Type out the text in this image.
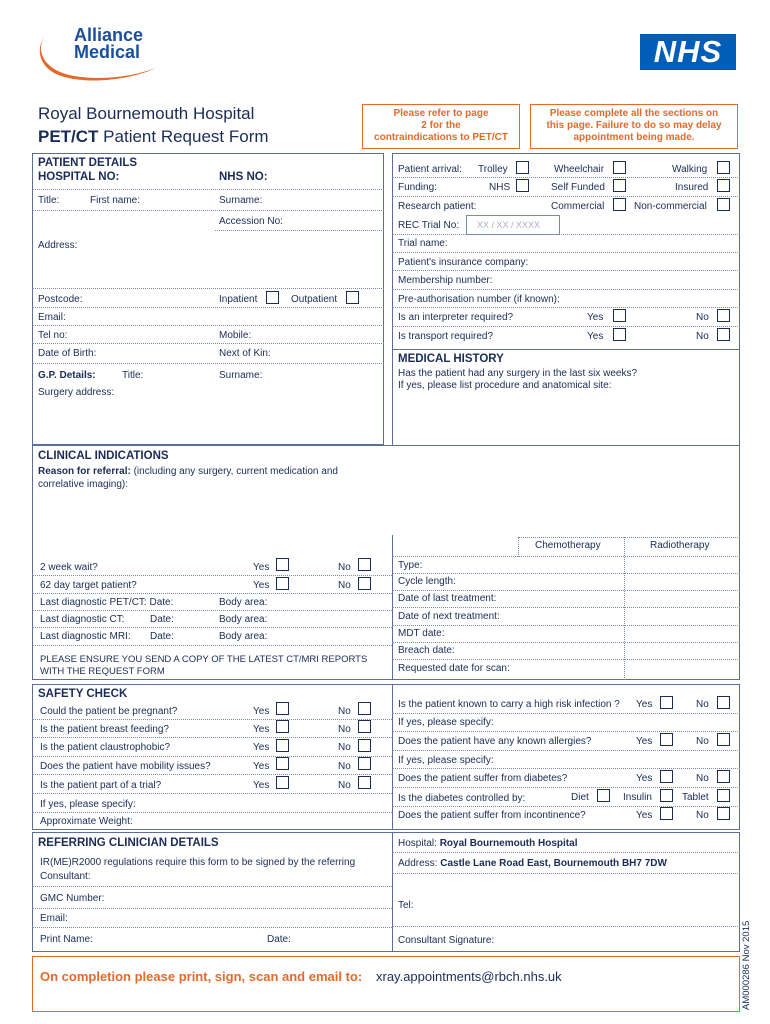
Alliance
Medical	NHS
Royal Bournemouth Hospital
PET/CT Patient Request Form
Please refer to page
2 for the
contraindications to PET/CT
Please complete all the sections on
this page. Failure to do so may delay
appointment being made.
PATIENT DETAILS
HOSPITAL NO:	NHS NO:
Title:	First name:	Surname:
Accession No:
Address:
Postcode:	Inpatient	Outpatient
Email:
Tel no:	Mobile:
Date of Birth:	Next of Kin:
G.P. Details:	Title:	Surname:
Surgery address:
Patient arrival: Trolley	Wheelchair	Walking
Funding:	NHS	Self Funded	Insured
Research patient:	Commercial	Non-commercial
REC Trial No:	XX / XX / XXXX
Trial name:
Patient's insurance company:
Membership number:
Pre-authorisation number (if known):
Is an interpreter required?	Yes	No
Is transport required?	Yes	No
MEDICAL HISTORY
Has the patient had any surgery in the last six weeks?
If yes, please list procedure and anatomical site:
CLINICAL INDICATIONS
Reason for referral: (including any surgery, current medication and
correlative imaging):
Chemotherapy	Radiotherapy
2 week wait?	Yes	No
62 day target patient?	Yes	No
Last diagnostic PET/CT: Date:	Body area:
Last diagnostic CT:	Date:	Body area:
Last diagnostic MRI: Date:	Body area:
PLEASE ENSURE YOU SEND A COPY OF THE LATEST CT/MRI REPORTS
WITH THE REQUEST FORM
Type:
Cycle length:
Date of last treatment:
Date of next treatment:
MDT date:
Breach date:
Requested date for scan:
SAFETY CHECK
Could the patient be pregnant?	Yes	No
Is the patient breast feeding?	Yes	No
Is the patient claustrophobic?	Yes	No
Does the patient have mobility issues?	Yes	No
Is the patient part of a trial?	Yes	No
If yes, please specify:
Approximate Weight:
Is the patient known to carry a high risk infection ? Yes	No
If yes, please specify:
Does the patient have any known allergies?	Yes	No
If yes, please specify:
Does the patient suffer from diabetes?	Yes	No
Is the diabetes controlled by:	Diet	Insulin	Tablet
Does the patient suffer from incontinence?	Yes	No
REFERRING CLINICIAN DETAILS
IR(ME)R2000 regulations require this form to be signed by the referring
Consultant:
GMC Number:
Email:
Print Name:	Date:
Hospital: Royal Bournemouth Hospital
Address: Castle Lane Road East, Bournemouth BH7 7DW
Tel:
Consultant Signature:
On completion please print, sign, scan and email to: xray.appointments@rbch.nhs.uk	AM000286 Nov 2015
